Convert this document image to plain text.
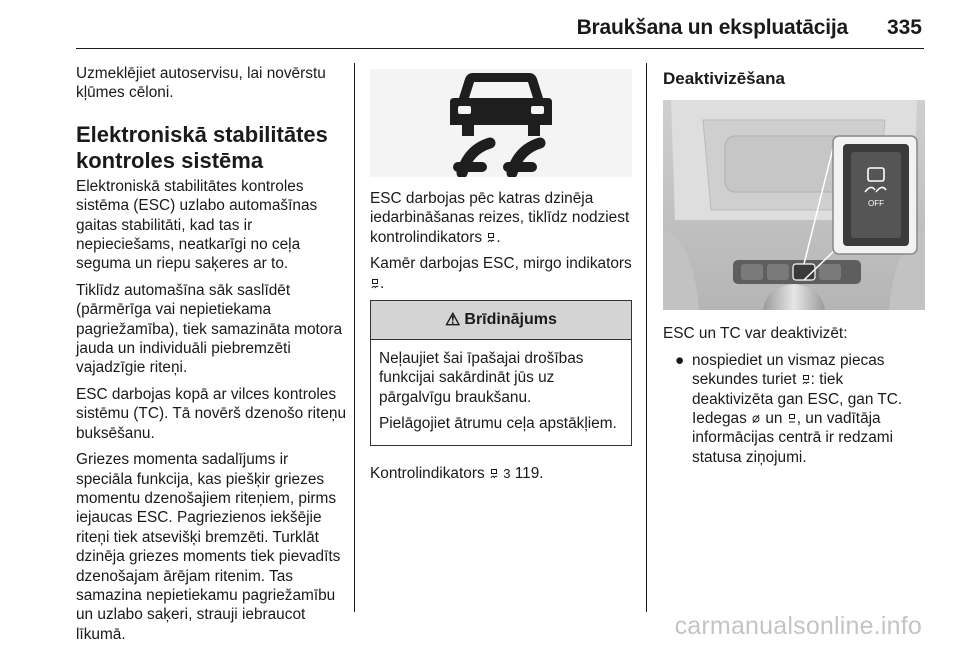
Braukšana un ekspluatācija 335

Uzmeklējiet autoservisu, lai novērstu kļūmes cēloni.

Elektroniskā stabilitātes kontroles sistēma

Elektroniskā stabilitātes kontroles sistēma (ESC) uzlabo automašīnas gaitas stabilitāti, kad tas ir nepieciešams, neatkarīgi no ceļa seguma un riepu saķeres ar to.

Tiklīdz automašīna sāk saslīdēt (pārmērīga vai nepietiekama pagriežamība), tiek samazināta motora jauda un individuāli piebremzēti vajadzīgie riteņi.

ESC darbojas kopā ar vilces kontroles sistēmu (TC). Tā novērš dzenošo riteņu buksēšanu.

Griezes momenta sadalījums ir speciāla funkcija, kas piešķir griezes momentu dzenošajiem riteņiem, pirms iejaucas ESC. Pagriezienos iekšējie riteņi tiek atsevišķi bremzēti. Turklāt dzinēja griezes moments tiek pievadīts dzenošajam ārējam ritenim. Tas samazina nepietiekamu pagriežamību un uzlabo saķeri, strauji iebraucot līkumā.

ESC darbojas pēc katras dzinēja iedarbināšanas reizes, tiklīdz nodziest kontrolindikators .

Kamēr darbojas ESC, mirgo indikators
.

⚠ Brīdinājums

Neļaujiet šai īpašajai drošības funkcijai sakārdināt jūs uz pārgalvīgu braukšanu.

Pielāgojiet ātrumu ceļa apstākļiem.

Kontrolindikators 3 119.

Deaktivizēšana
OFF

ESC un TC var deaktivizēt:

● nospiediet un vismaz piecas sekundes turiet : tiek deaktivizēta gan ESC, gan TC. Iedegas un , un vadītāja informācijas centrā ir redzami statusa ziņojumi.
carmanualsonline.info
